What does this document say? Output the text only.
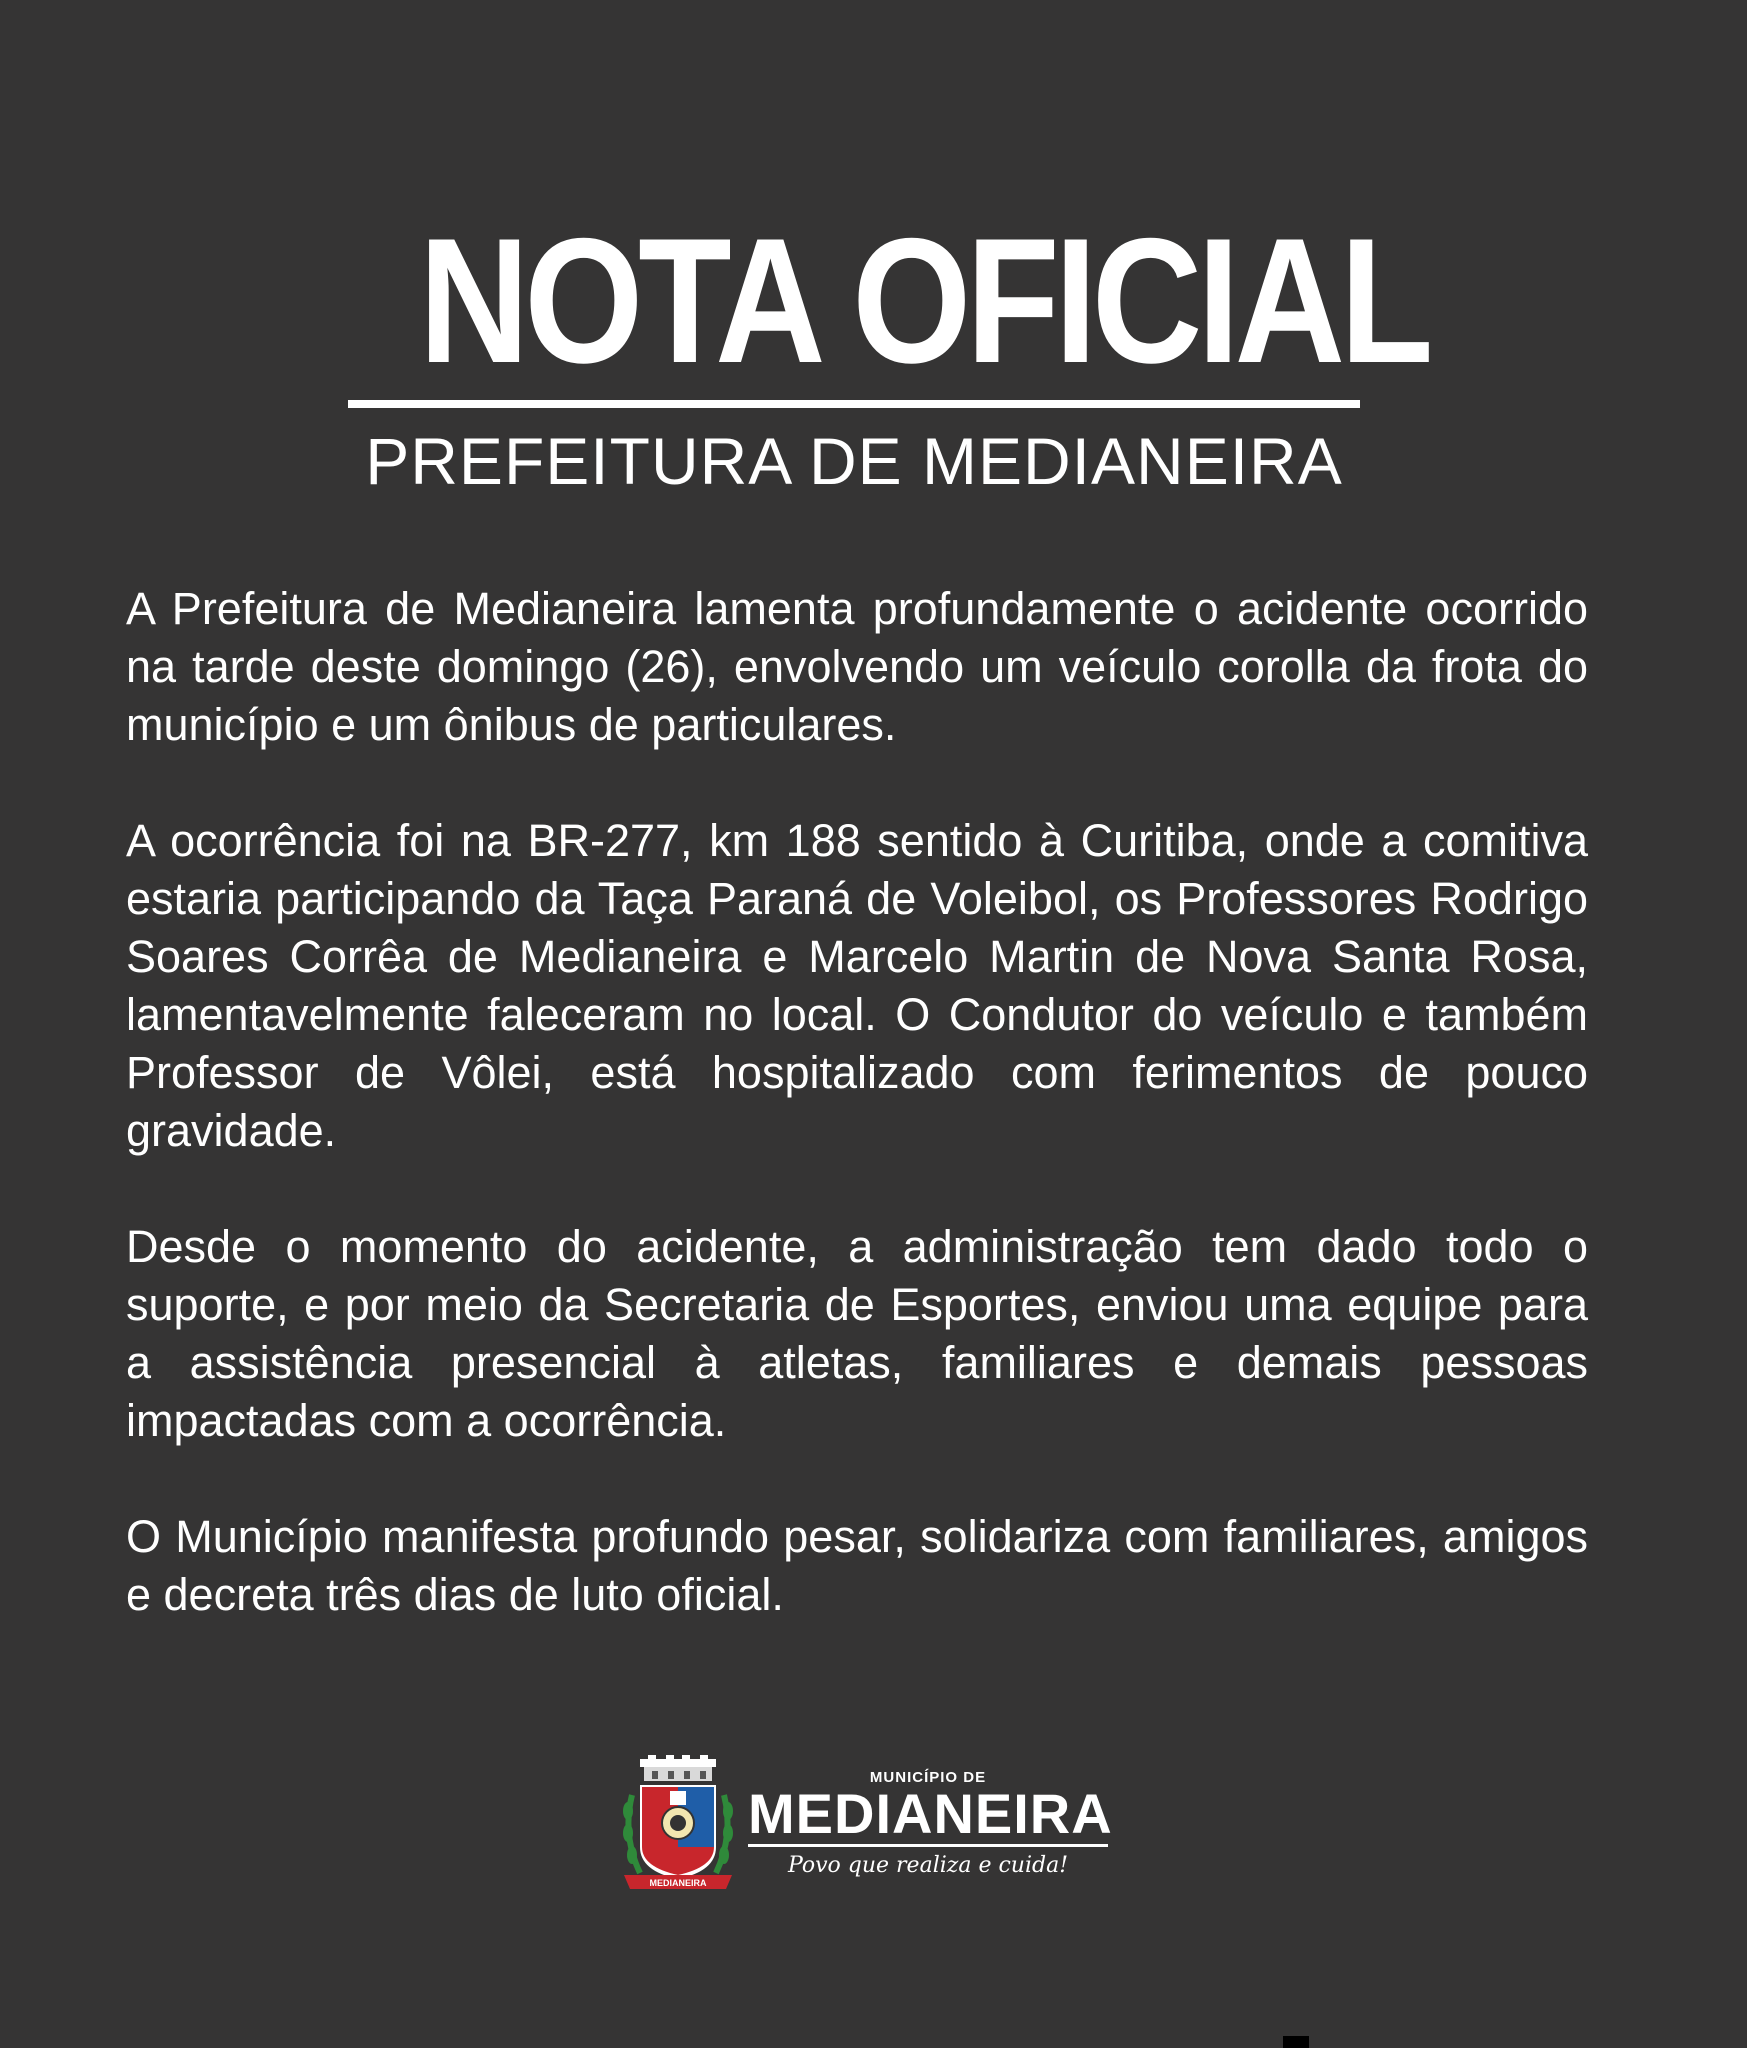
NOTA OFICIAL
PREFEITURA DE MEDIANEIRA

A Prefeitura de Medianeira lamenta profundamente o acidente ocorrido na tarde deste domingo (26), envolvendo um veículo corolla da frota do município e um ônibus de particulares.

A ocorrência foi na BR-277, km 188 sentido à Curitiba, onde a comitiva estaria participando da Taça Paraná de Voleibol, os Professores Rodrigo Soares Corrêa de Medianeira e Marcelo Martin de Nova Santa Rosa, lamentavelmente faleceram no local. O Condutor do veículo e também Professor de Vôlei, está hospitalizado com ferimentos de pouco gravidade.

Desde o momento do acidente, a administração tem dado todo o suporte, e por meio da Secretaria de Esportes, enviou uma equipe para a assistência presencial à atletas, familiares e demais pessoas impactadas com a ocorrência.

O Município manifesta profundo pesar, solidariza com familiares, amigos e decreta três dias de luto oficial.

MEDIANEIRA
MUNICÍPIO DE
MEDIANEIRA
Povo que realiza e cuida!
